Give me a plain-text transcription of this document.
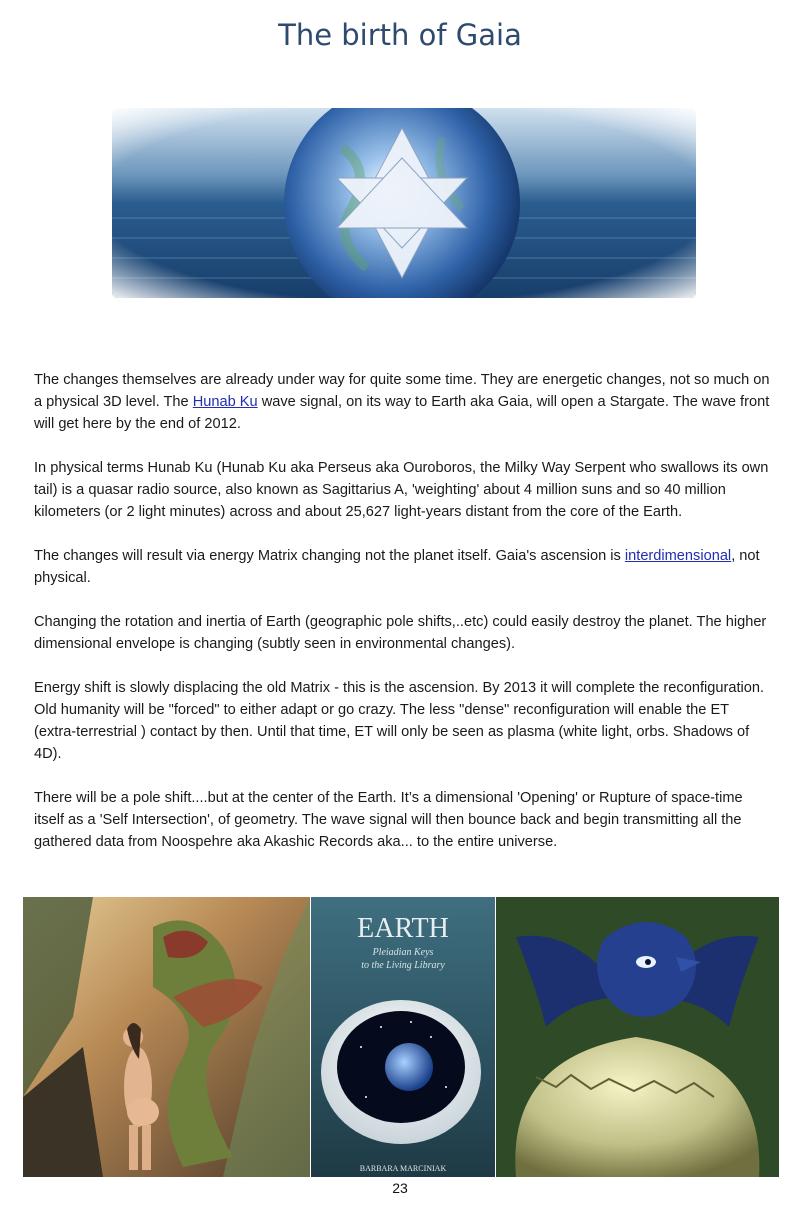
The birth of Gaia

The changes themselves are already under way for quite some time. They are energetic changes, not so much on a physical 3D level. The Hunab Ku wave signal, on its way to Earth aka Gaia, will open a Stargate. The wave front will get here by the end of 2012.

In physical terms Hunab Ku (Hunab Ku aka Perseus aka Ouroboros, the Milky Way Serpent who swallows its own tail) is a quasar radio source, also known as Sagittarius A, 'weighting' about 4 million suns and so 40 million kilometers (or 2 light minutes) across and about 25,627 light-years distant from the core of the Earth.

The changes will result via energy Matrix changing not the planet itself. Gaia's ascension is interdimensional, not physical.

Changing the rotation and inertia of Earth (geographic pole shifts,..etc) could easily destroy the planet. The higher dimensional envelope is changing (subtly seen in environmental changes).

Energy shift is slowly displacing the old Matrix - this is the ascension. By 2013 it will complete the reconfiguration. Old humanity will be "forced" to either adapt or go crazy. The less "dense" reconfiguration will enable the ET (extra-terrestrial ) contact by then. Until that time, ET will only be seen as plasma (white light, orbs. Shadows of 4D).

There will be a pole shift....but at the center of the Earth. It’s a dimensional 'Opening' or Rupture of space-time itself as a 'Self Intersection', of geometry. The wave signal will then bounce back and begin transmitting all the gathered data from Noospehre aka Akashic Records aka... to the entire universe.

EARTH
Pleiadian Keys
to the Living Library
BARBARA MARCINIAK
23
